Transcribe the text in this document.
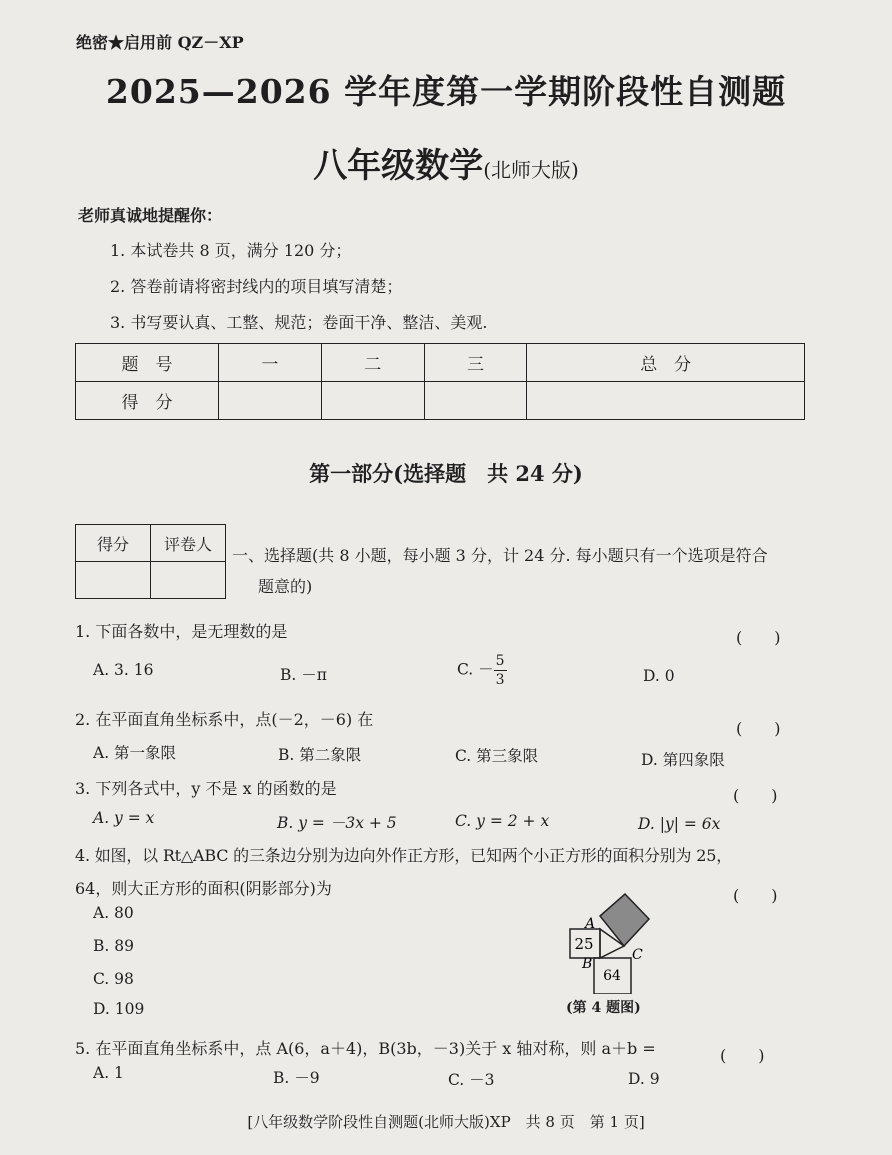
绝密★启用前 QZ－XP
2025—2026 学年度第一学期阶段性自测题
八年级数学(北师大版)
老师真诚地提醒你：
1. 本试卷共 8 页，满分 120 分；
2. 答卷前请将密封线内的项目填写清楚；
3. 书写要认真、工整、规范；卷面干净、整洁、美观.
题　号	一	二	三	总　分
得　分				
第一部分(选择题　共 24 分)
得分	评卷人

一、选择题(共 8 小题，每小题 3 分，计 24 分. 每小题只有一个选项是符合
题意的)
1. 下面各数中，是无理数的是	(　　)
A. 3. 16	B. －π	C. － $\frac{5}{3}$	D. 0
2. 在平面直角坐标系中，点(－2，－6) 在	(　　)
A. 第一象限	B. 第二象限	C. 第三象限	D. 第四象限
3. 下列各式中，y 不是 x 的函数的是	(　　)
A. y = x	B. y = －3x + 5	C. y = 2 + x	D. |y| = 6x
4. 如图，以 Rt△ABC 的三条边分别为边向外作正方形，已知两个小正方形的面积分别为 25，
64，则大正方形的面积(阴影部分)为	(　　)
A. 80
B. 89
C. 98
D. 109
25
64
A
B
C
(第 4 题图)
5. 在平面直角坐标系中，点 A(6，a＋4)，B(3b，－3)关于 x 轴对称，则 a＋b =	(　　)
A. 1	B. －9	C. －3	D. 9
[八年级数学阶段性自测题(北师大版)XP　共 8 页　第 1 页]
